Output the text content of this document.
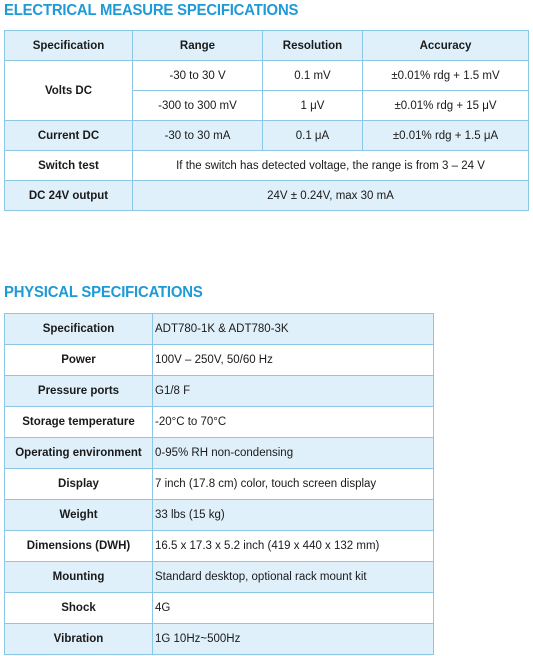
ELECTRICAL MEASURE SPECIFICATIONS
Specification	Range	Resolution	Accuracy
Volts DC	-30 to 30 V	0.1 mV	±0.01% rdg + 1.5 mV
	-300 to 300 mV	1 μV	±0.01% rdg + 15 μV
Current DC	-30 to 30 mA	0.1 μA	±0.01% rdg + 1.5 μA
Switch test	If the switch has detected voltage, the range is from 3 – 24 V		
DC 24V output	24V ± 0.24V, max 30 mA		
PHYSICAL SPECIFICATIONS
Specification	ADT780-1K & ADT780-3K
Power	100V – 250V, 50/60 Hz
Pressure ports	G1/8 F
Storage temperature	-20°C to 70°C
Operating environment	0-95% RH non-condensing
Display	7 inch (17.8 cm) color, touch screen display
Weight	33 lbs (15 kg)
Dimensions (DWH)	16.5 x 17.3 x 5.2 inch (419 x 440 x 132 mm)
Mounting	Standard desktop, optional rack mount kit
Shock	4G
Vibration	1G 10Hz~500Hz
